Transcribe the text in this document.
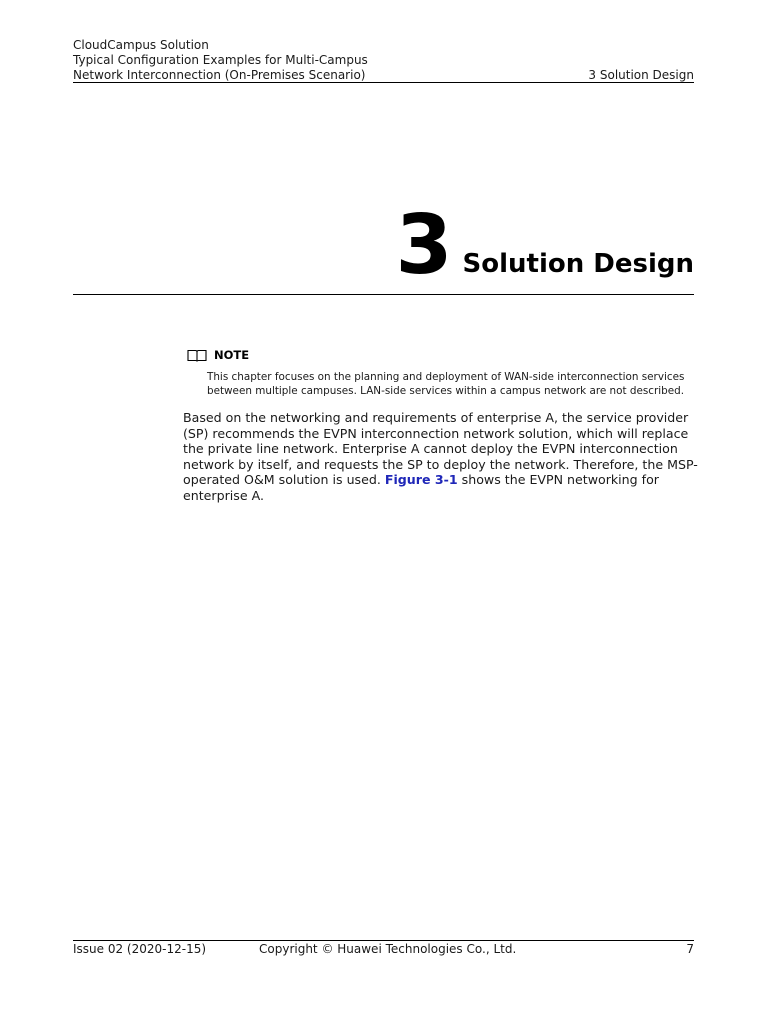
CloudCampus Solution
Typical Configuration Examples for Multi-Campus
Network Interconnection (On-Premises Scenario)	3 Solution Design
3 Solution Design
NOTE
This chapter focuses on the planning and deployment of WAN-side interconnection services
between multiple campuses. LAN-side services within a campus network are not described.
Based on the networking and requirements of enterprise A, the service provider
(SP) recommends the EVPN interconnection network solution, which will replace
the private line network. Enterprise A cannot deploy the EVPN interconnection
network by itself, and requests the SP to deploy the network. Therefore, the MSP-
operated O&M solution is used. Figure 3-1 shows the EVPN networking for
enterprise A.
Issue 02 (2020-12-15)	Copyright © Huawei Technologies Co., Ltd.	7
